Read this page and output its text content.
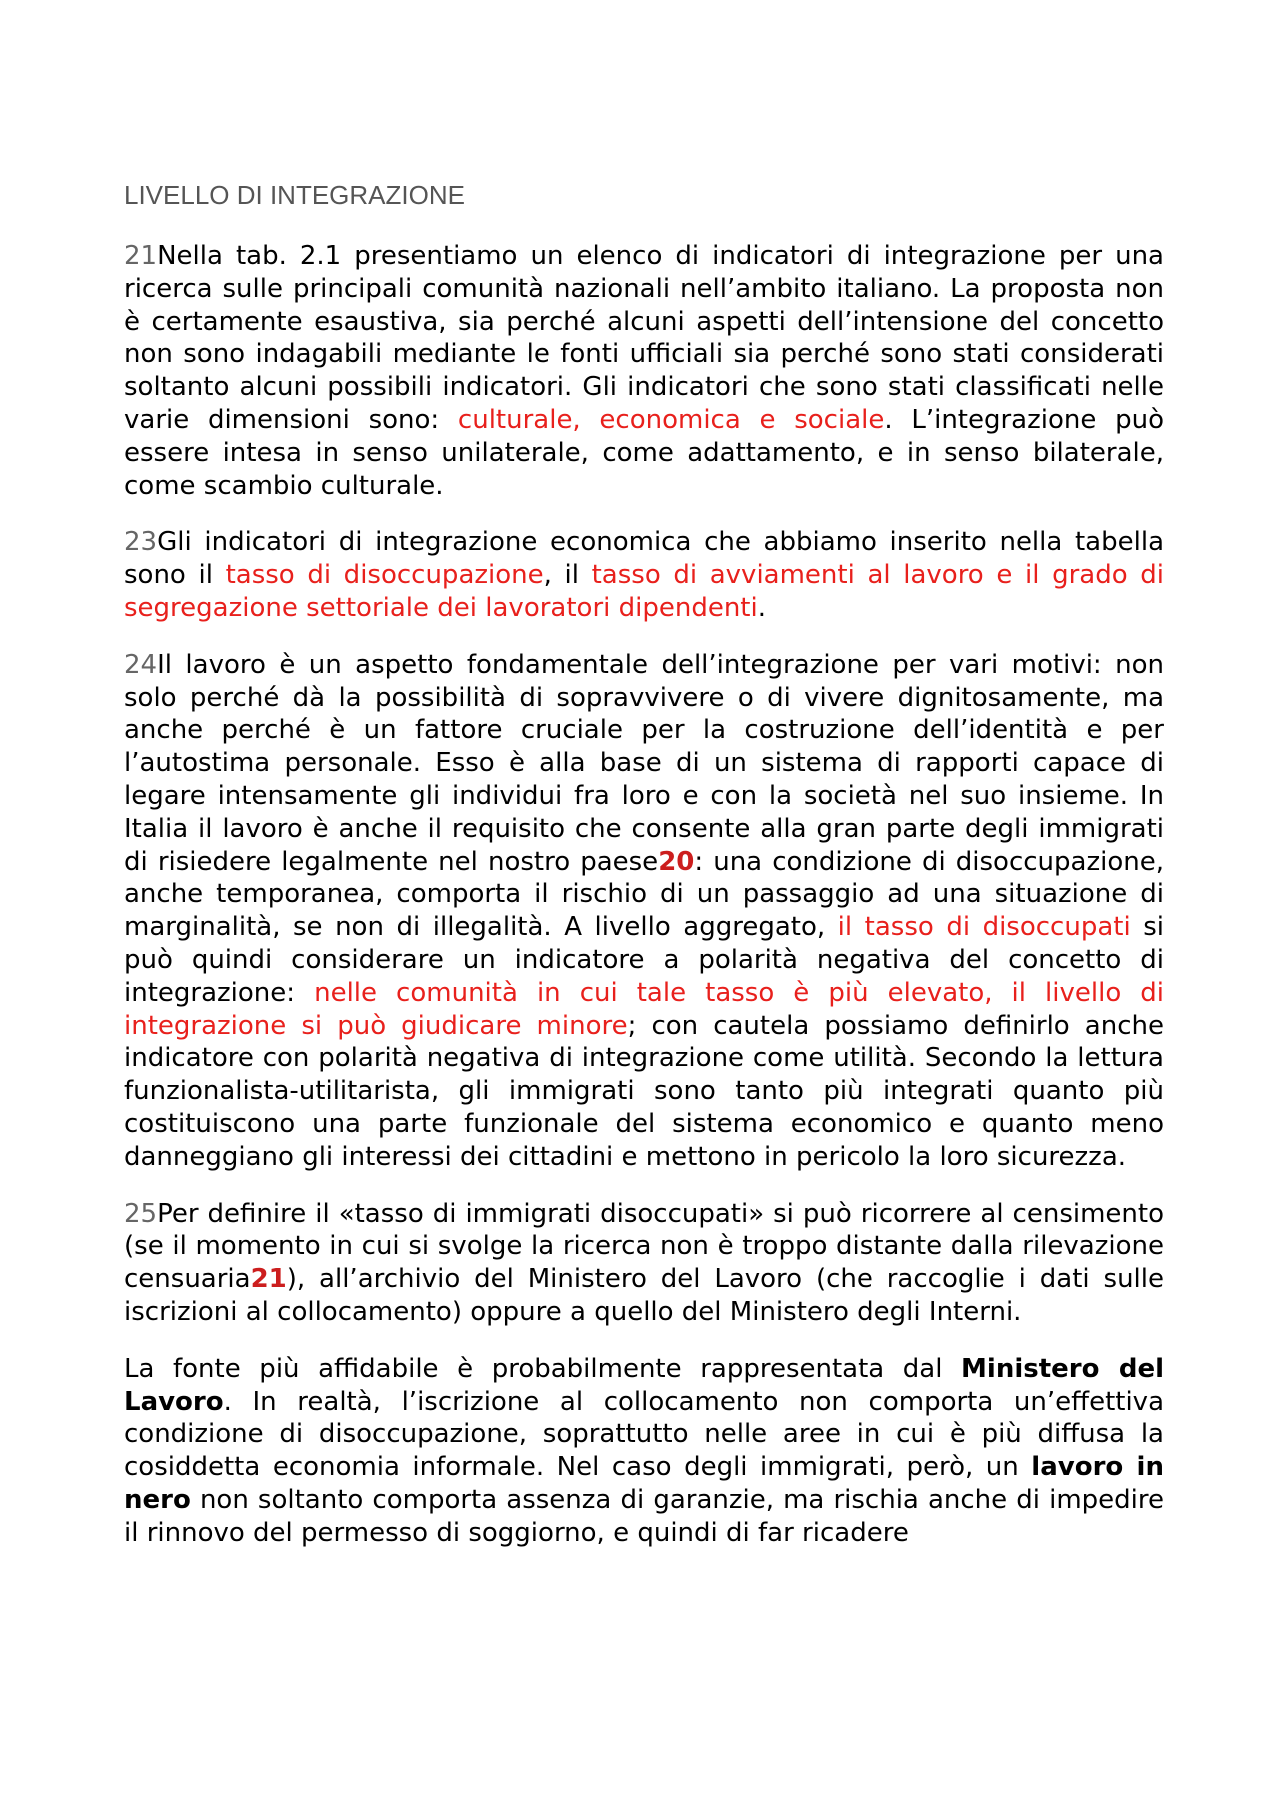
LIVELLO DI INTEGRAZIONE

21Nella tab. 2.1 presentiamo un elenco di indicatori di integrazione per una ricerca sulle principali comunità nazionali nell’ambito italiano. La proposta non è certamente esaustiva, sia perché alcuni aspetti dell’intensione del concetto non sono indagabili mediante le fonti ufficiali sia perché sono stati considerati soltanto alcuni possibili indicatori. Gli indicatori che sono stati classificati nelle varie dimensioni sono: culturale, economica e sociale. L’integrazione può essere intesa in senso unilaterale, come adattamento, e in senso bilaterale, come scambio culturale.

23Gli indicatori di integrazione economica che abbiamo inserito nella tabella sono il tasso di disoccupazione, il tasso di avviamenti al lavoro e il grado di segregazione settoriale dei lavoratori dipendenti.

24Il lavoro è un aspetto fondamentale dell’integrazione per vari motivi: non solo perché dà la possibilità di sopravvivere o di vivere dignitosamente, ma anche perché è un fattore cruciale per la costruzione dell’identità e per l’autostima personale. Esso è alla base di un sistema di rapporti capace di legare intensamente gli individui fra loro e con la società nel suo insieme. In Italia il lavoro è anche il requisito che consente alla gran parte degli immigrati di risiedere legalmente nel nostro paese20: una condizione di disoccupazione, anche temporanea, comporta il rischio di un passaggio ad una situazione di marginalità, se non di illegalità. A livello aggregato, il tasso di disoccupati si può quindi considerare un indicatore a polarità negativa del concetto di integrazione: nelle comunità in cui tale tasso è più elevato, il livello di integrazione si può giudicare minore; con cautela possiamo definirlo anche indicatore con polarità negativa di integrazione come utilità. Secondo la lettura funzionalista-utilitarista, gli immigrati sono tanto più integrati quanto più costituiscono una parte funzionale del sistema economico e quanto meno danneggiano gli interessi dei cittadini e mettono in pericolo la loro sicurezza.

25Per definire il «tasso di immigrati disoccupati» si può ricorrere al censimento (se il momento in cui si svolge la ricerca non è troppo distante dalla rilevazione censuaria21), all’archivio del Ministero del Lavoro (che raccoglie i dati sulle iscrizioni al collocamento) oppure a quello del Ministero degli Interni.

La fonte più affidabile è probabilmente rappresentata dal Ministero del Lavoro. In realtà, l’iscrizione al collocamento non comporta un’effettiva condizione di disoccupazione, soprattutto nelle aree in cui è più diffusa la cosiddetta economia informale. Nel caso degli immigrati, però, un lavoro in nero non soltanto comporta assenza di garanzie, ma rischia anche di impedire il rinnovo del permesso di soggiorno, e quindi di far ricadere
